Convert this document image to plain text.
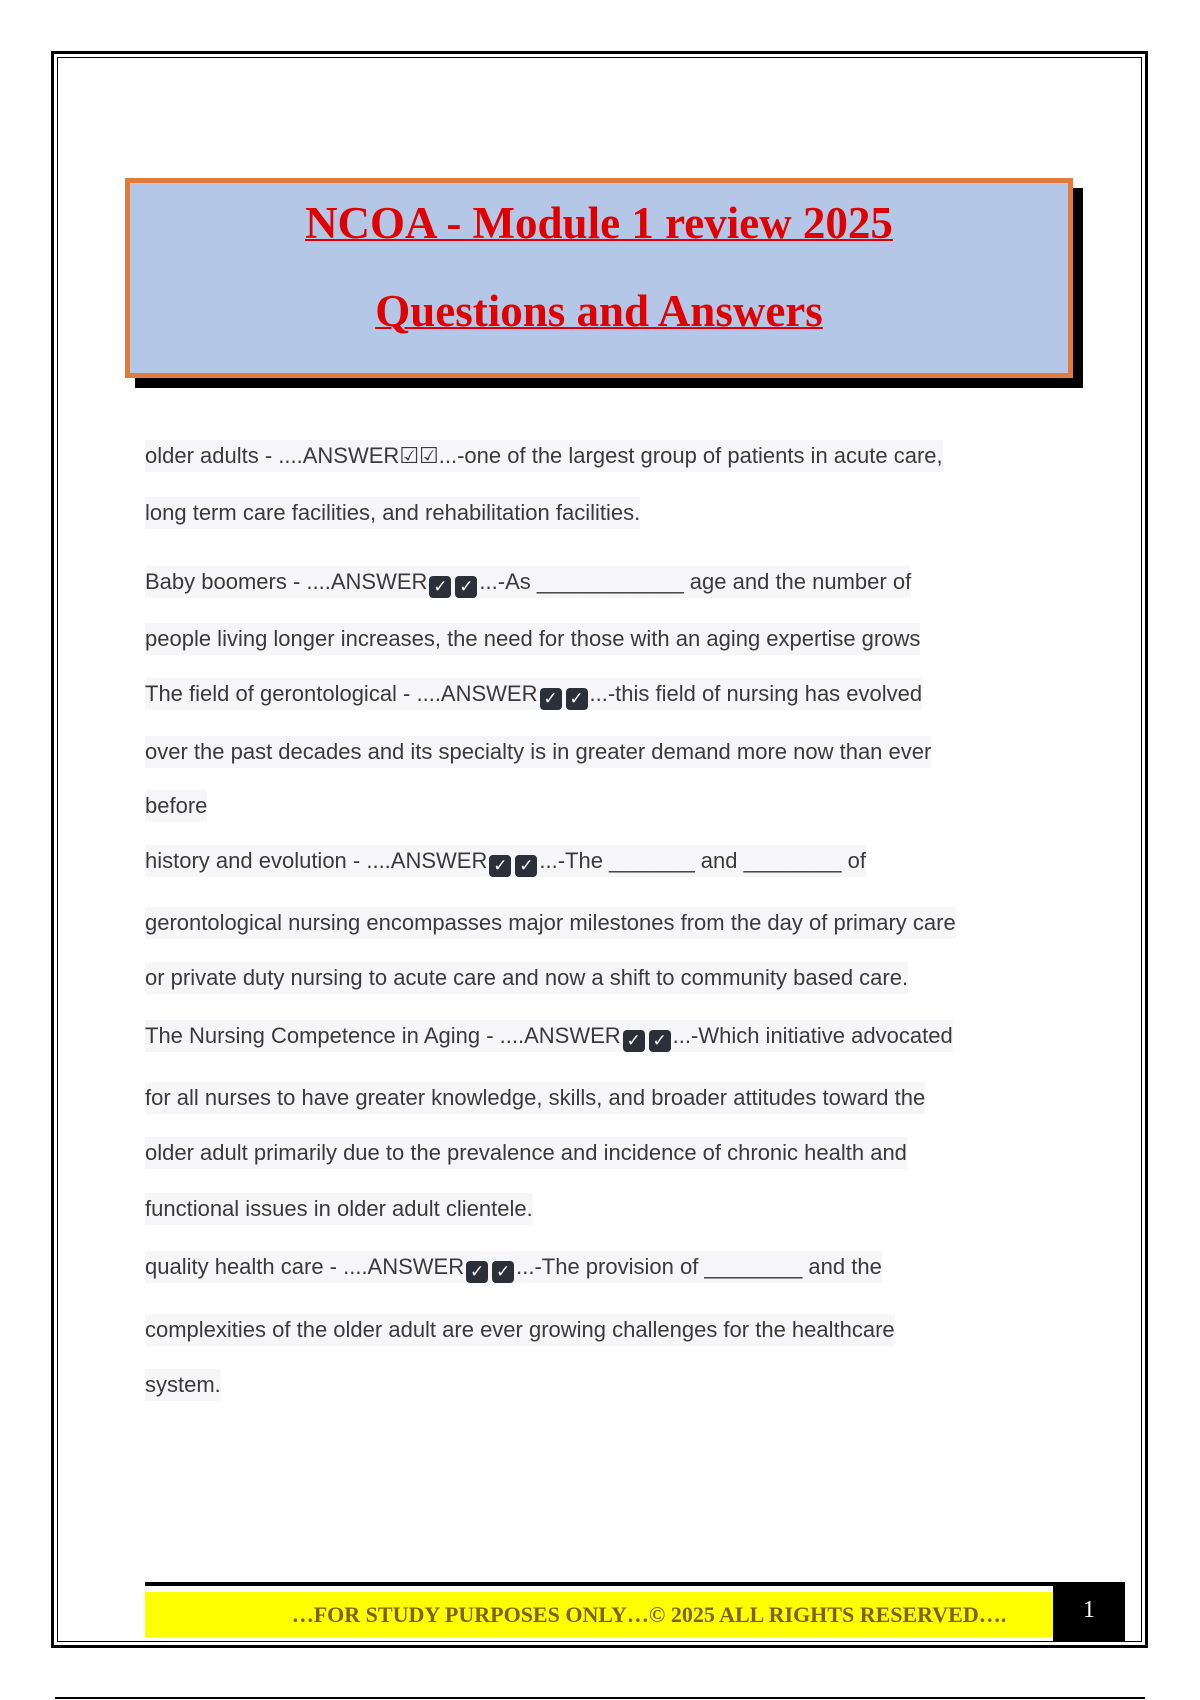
NCOA - Module 1 review 2025

Questions and Answers

older adults - ....ANSWER☑☑...-one of the largest group of patients in acute care,
long term care facilities, and rehabilitation facilities.
Baby boomers - ....ANSWER ✓ ✓ ...-As ____________ age and the number of
people living longer increases, the need for those with an aging expertise grows
The field of gerontological - ....ANSWER ✓ ✓ ...-this field of nursing has evolved
over the past decades and its specialty is in greater demand more now than ever
before
history and evolution - ....ANSWER ✓ ✓ ...-The _______ and ________ of
gerontological nursing encompasses major milestones from the day of primary care
or private duty nursing to acute care and now a shift to community based care.
The Nursing Competence in Aging - ....ANSWER ✓ ✓ ...-Which initiative advocated
for all nurses to have greater knowledge, skills, and broader attitudes toward the
older adult primarily due to the prevalence and incidence of chronic health and
functional issues in older adult clientele.
quality health care - ....ANSWER ✓ ✓ ...-The provision of ________ and the
complexities of the older adult are ever growing challenges for the healthcare
system.
…FOR STUDY PURPOSES ONLY…© 2025 ALL RIGHTS RESERVED….	1
